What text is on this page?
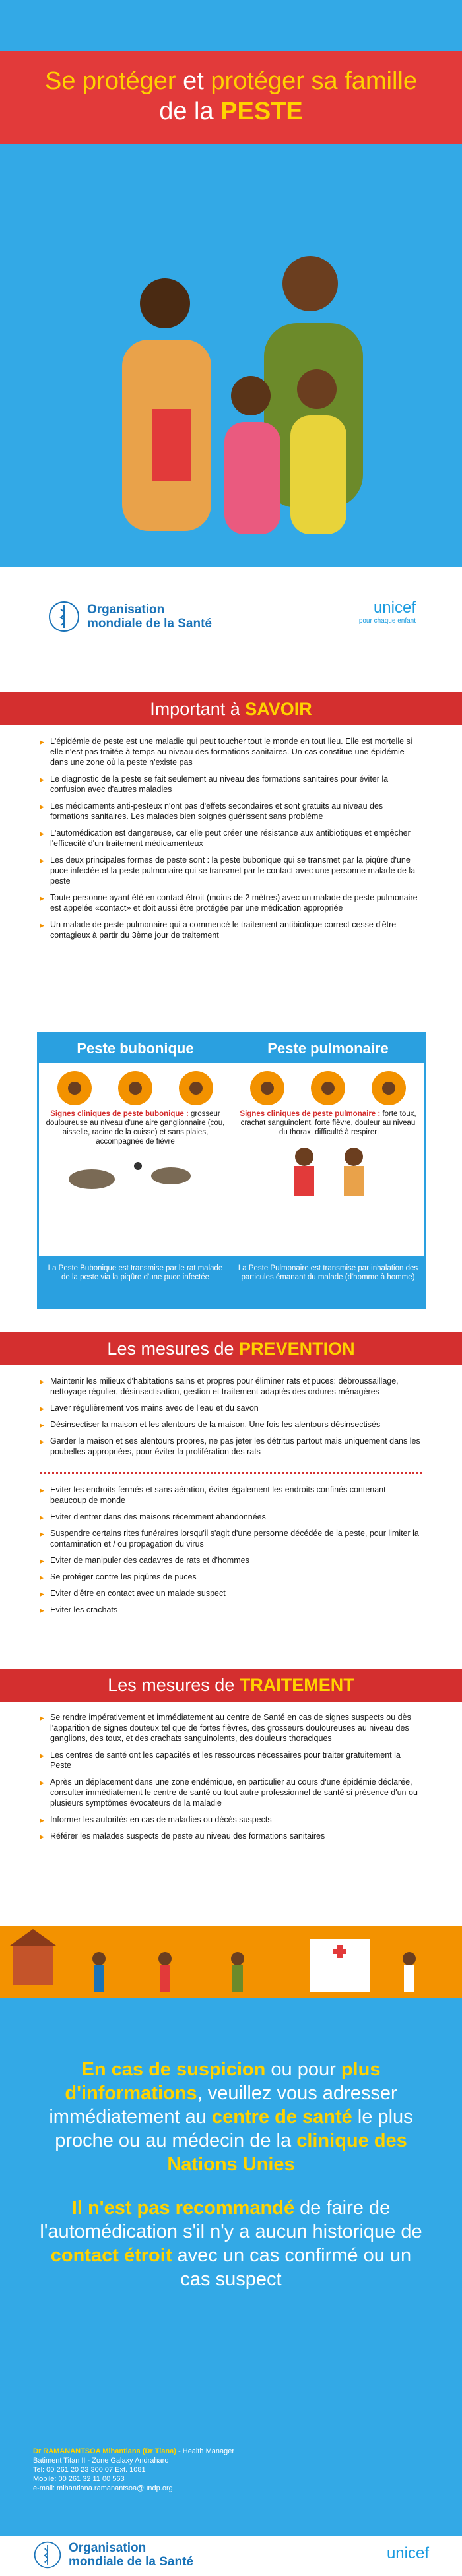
Se protéger et protéger sa famille
de la PESTE
Organisation
mondiale de la Santé
unicef
pour chaque enfant
Important à SAVOIR
▶ L'épidémie de peste est une maladie qui peut toucher tout le monde en tout lieu. Elle est mortelle si elle n'est pas traitée à temps au niveau des formations sanitaires. Un cas constitue une épidémie dans une zone où la peste n'existe pas
▶ Le diagnostic de la peste se fait seulement au niveau des formations sanitaires pour éviter la confusion avec d'autres maladies
▶ Les médicaments anti-pesteux n'ont pas d'effets secondaires et sont gratuits au niveau des formations sanitaires. Les malades bien soignés guérissent sans problème
▶ L'automédication est dangereuse, car elle peut créer une résistance aux antibiotiques et empêcher l'efficacité d'un traitement médicamenteux
▶ Les deux principales formes de peste sont : la peste bubonique qui se transmet par la piqûre d'une puce infectée et la peste pulmonaire qui se transmet par le contact avec une personne malade de la peste
▶ Toute personne ayant été en contact étroit (moins de 2 mètres) avec un malade de peste pulmonaire est appelée «contact» et doit aussi être protégée par une médication appropriée
▶ Un malade de peste pulmonaire qui a commencé le traitement antibiotique correct cesse d'être contagieux à partir du 3ème jour de traitement
Peste bubonique
Signes cliniques de peste bubonique : grosseur douloureuse au niveau d'une aire ganglionnaire (cou, aisselle, racine de la cuisse) et sans plaies, accompagnée de fièvre
La Peste Bubonique est transmise par le rat malade de la peste via la piqûre d'une puce infectée
Peste pulmonaire
Signes cliniques de peste pulmonaire : forte toux, crachat sanguinolent, forte fièvre, douleur au niveau du thorax, difficulté à respirer
La Peste Pulmonaire est transmise par inhalation des particules émanant du malade (d'homme à homme)
Les mesures de PREVENTION
▶ Maintenir les milieux d'habitations sains et propres pour éliminer rats et puces: débroussaillage, nettoyage régulier, désinsectisation, gestion et traitement adaptés des ordures ménagères
▶ Laver régulièrement vos mains avec de l'eau et du savon
▶ Désinsectiser la maison et les alentours de la maison. Une fois les alentours désinsectisés
▶ Garder la maison et ses alentours propres, ne pas jeter les détritus partout mais uniquement dans les poubelles appropriées, pour éviter la prolifération des rats
▶ Eviter les endroits fermés et sans aération, éviter également les endroits confinés contenant beaucoup de monde
▶ Eviter d'entrer dans des maisons récemment abandonnées
▶ Suspendre certains rites funéraires lorsqu'il s'agit d'une personne décédée de la peste, pour limiter la contamination et / ou propagation du virus
▶ Eviter de manipuler des cadavres de rats et d'hommes
▶ Se protéger contre les piqûres de puces
▶ Eviter d'être en contact avec un malade suspect
▶ Eviter les crachats
Les mesures de TRAITEMENT
▶ Se rendre impérativement et immédiatement au centre de Santé en cas de signes suspects ou dès l'apparition de signes douteux tel que de fortes fièvres, des grosseurs douloureuses au niveau des ganglions, des toux, et des crachats sanguinolents, des douleurs thoraciques
▶ Les centres de santé ont les capacités et les ressources nécessaires pour traiter gratuitement la Peste
▶ Après un déplacement dans une zone endémique, en particulier au cours d'une épidémie déclarée, consulter immédiatement le centre de santé ou tout autre professionnel de santé si présence d'un ou plusieurs symptômes évocateurs de la maladie
▶ Informer les autorités en cas de maladies ou décès suspects
▶ Référer les malades suspects de peste au niveau des formations sanitaires
En cas de suspicion ou pour plus d'informations, veuillez vous adresser immédiatement au centre de santé le plus proche ou au médecin de la clinique des Nations Unies
Il n'est pas recommandé de faire de l'automédication s'il n'y a aucun historique de contact étroit avec un cas confirmé ou un cas suspect
Dr RAMANANTSOA Mihantiana (Dr Tiana) - Health Manager
Batiment Titan II - Zone Galaxy Andraharo
Tel: 00 261 20 23 300 07 Ext. 1081
Mobile: 00 261 32 11 00 563
e-mail: mihantiana.ramanantsoa@undp.org
Organisation
mondiale de la Santé	unicef
